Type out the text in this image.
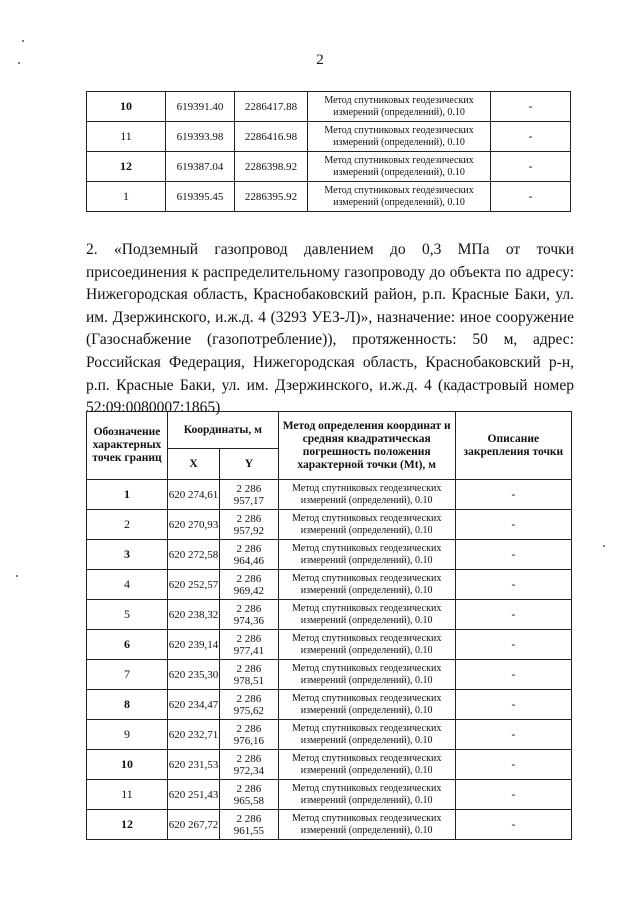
2
10	619391.40	2286417.88	Метод спутниковых геодезических измерений (определений), 0.10	-
11	619393.98	2286416.98	Метод спутниковых геодезических измерений (определений), 0.10	-
12	619387.04	2286398.92	Метод спутниковых геодезических измерений (определений), 0.10	-
1	619395.45	2286395.92	Метод спутниковых геодезических измерений (определений), 0.10	-
2. «Подземный газопровод давлением до 0,3 МПа от точки присоединения к распределительному газопроводу до объекта по адресу: Нижегородская область, Краснобаковский район, р.п. Красные Баки, ул. им. Дзержинского, и.ж.д. 4 (3293 УЕЗ-Л)», назначение: иное сооружение (Газоснабжение (газопотребление)), протяженность: 50 м, адрес: Российская Федерация, Нижегородская область, Краснобаковский р-н, р.п. Красные Баки, ул. им. Дзержинского, и.ж.д. 4 (кадастровый номер 52:09:0080007:1865)
Обозначение характерных точек границ	Координаты, м		Метод определения координат и средняя квадратическая погрешность положения характерной точки (Mt), м	Описание закрепления точки
	X	Y		
1	620 274,61	2 286 957,17	Метод спутниковых геодезических измерений (определений), 0.10	-
2	620 270,93	2 286 957,92	Метод спутниковых геодезических измерений (определений), 0.10	-
3	620 272,58	2 286 964,46	Метод спутниковых геодезических измерений (определений), 0.10	-
4	620 252,57	2 286 969,42	Метод спутниковых геодезических измерений (определений), 0.10	-
5	620 238,32	2 286 974,36	Метод спутниковых геодезических измерений (определений), 0.10	-
6	620 239,14	2 286 977,41	Метод спутниковых геодезических измерений (определений), 0.10	-
7	620 235,30	2 286 978,51	Метод спутниковых геодезических измерений (определений), 0.10	-
8	620 234,47	2 286 975,62	Метод спутниковых геодезических измерений (определений), 0.10	-
9	620 232,71	2 286 976,16	Метод спутниковых геодезических измерений (определений), 0.10	-
10	620 231,53	2 286 972,34	Метод спутниковых геодезических измерений (определений), 0.10	-
11	620 251,43	2 286 965,58	Метод спутниковых геодезических измерений (определений), 0.10	-
12	620 267,72	2 286 961,55	Метод спутниковых геодезических измерений (определений), 0.10	-
